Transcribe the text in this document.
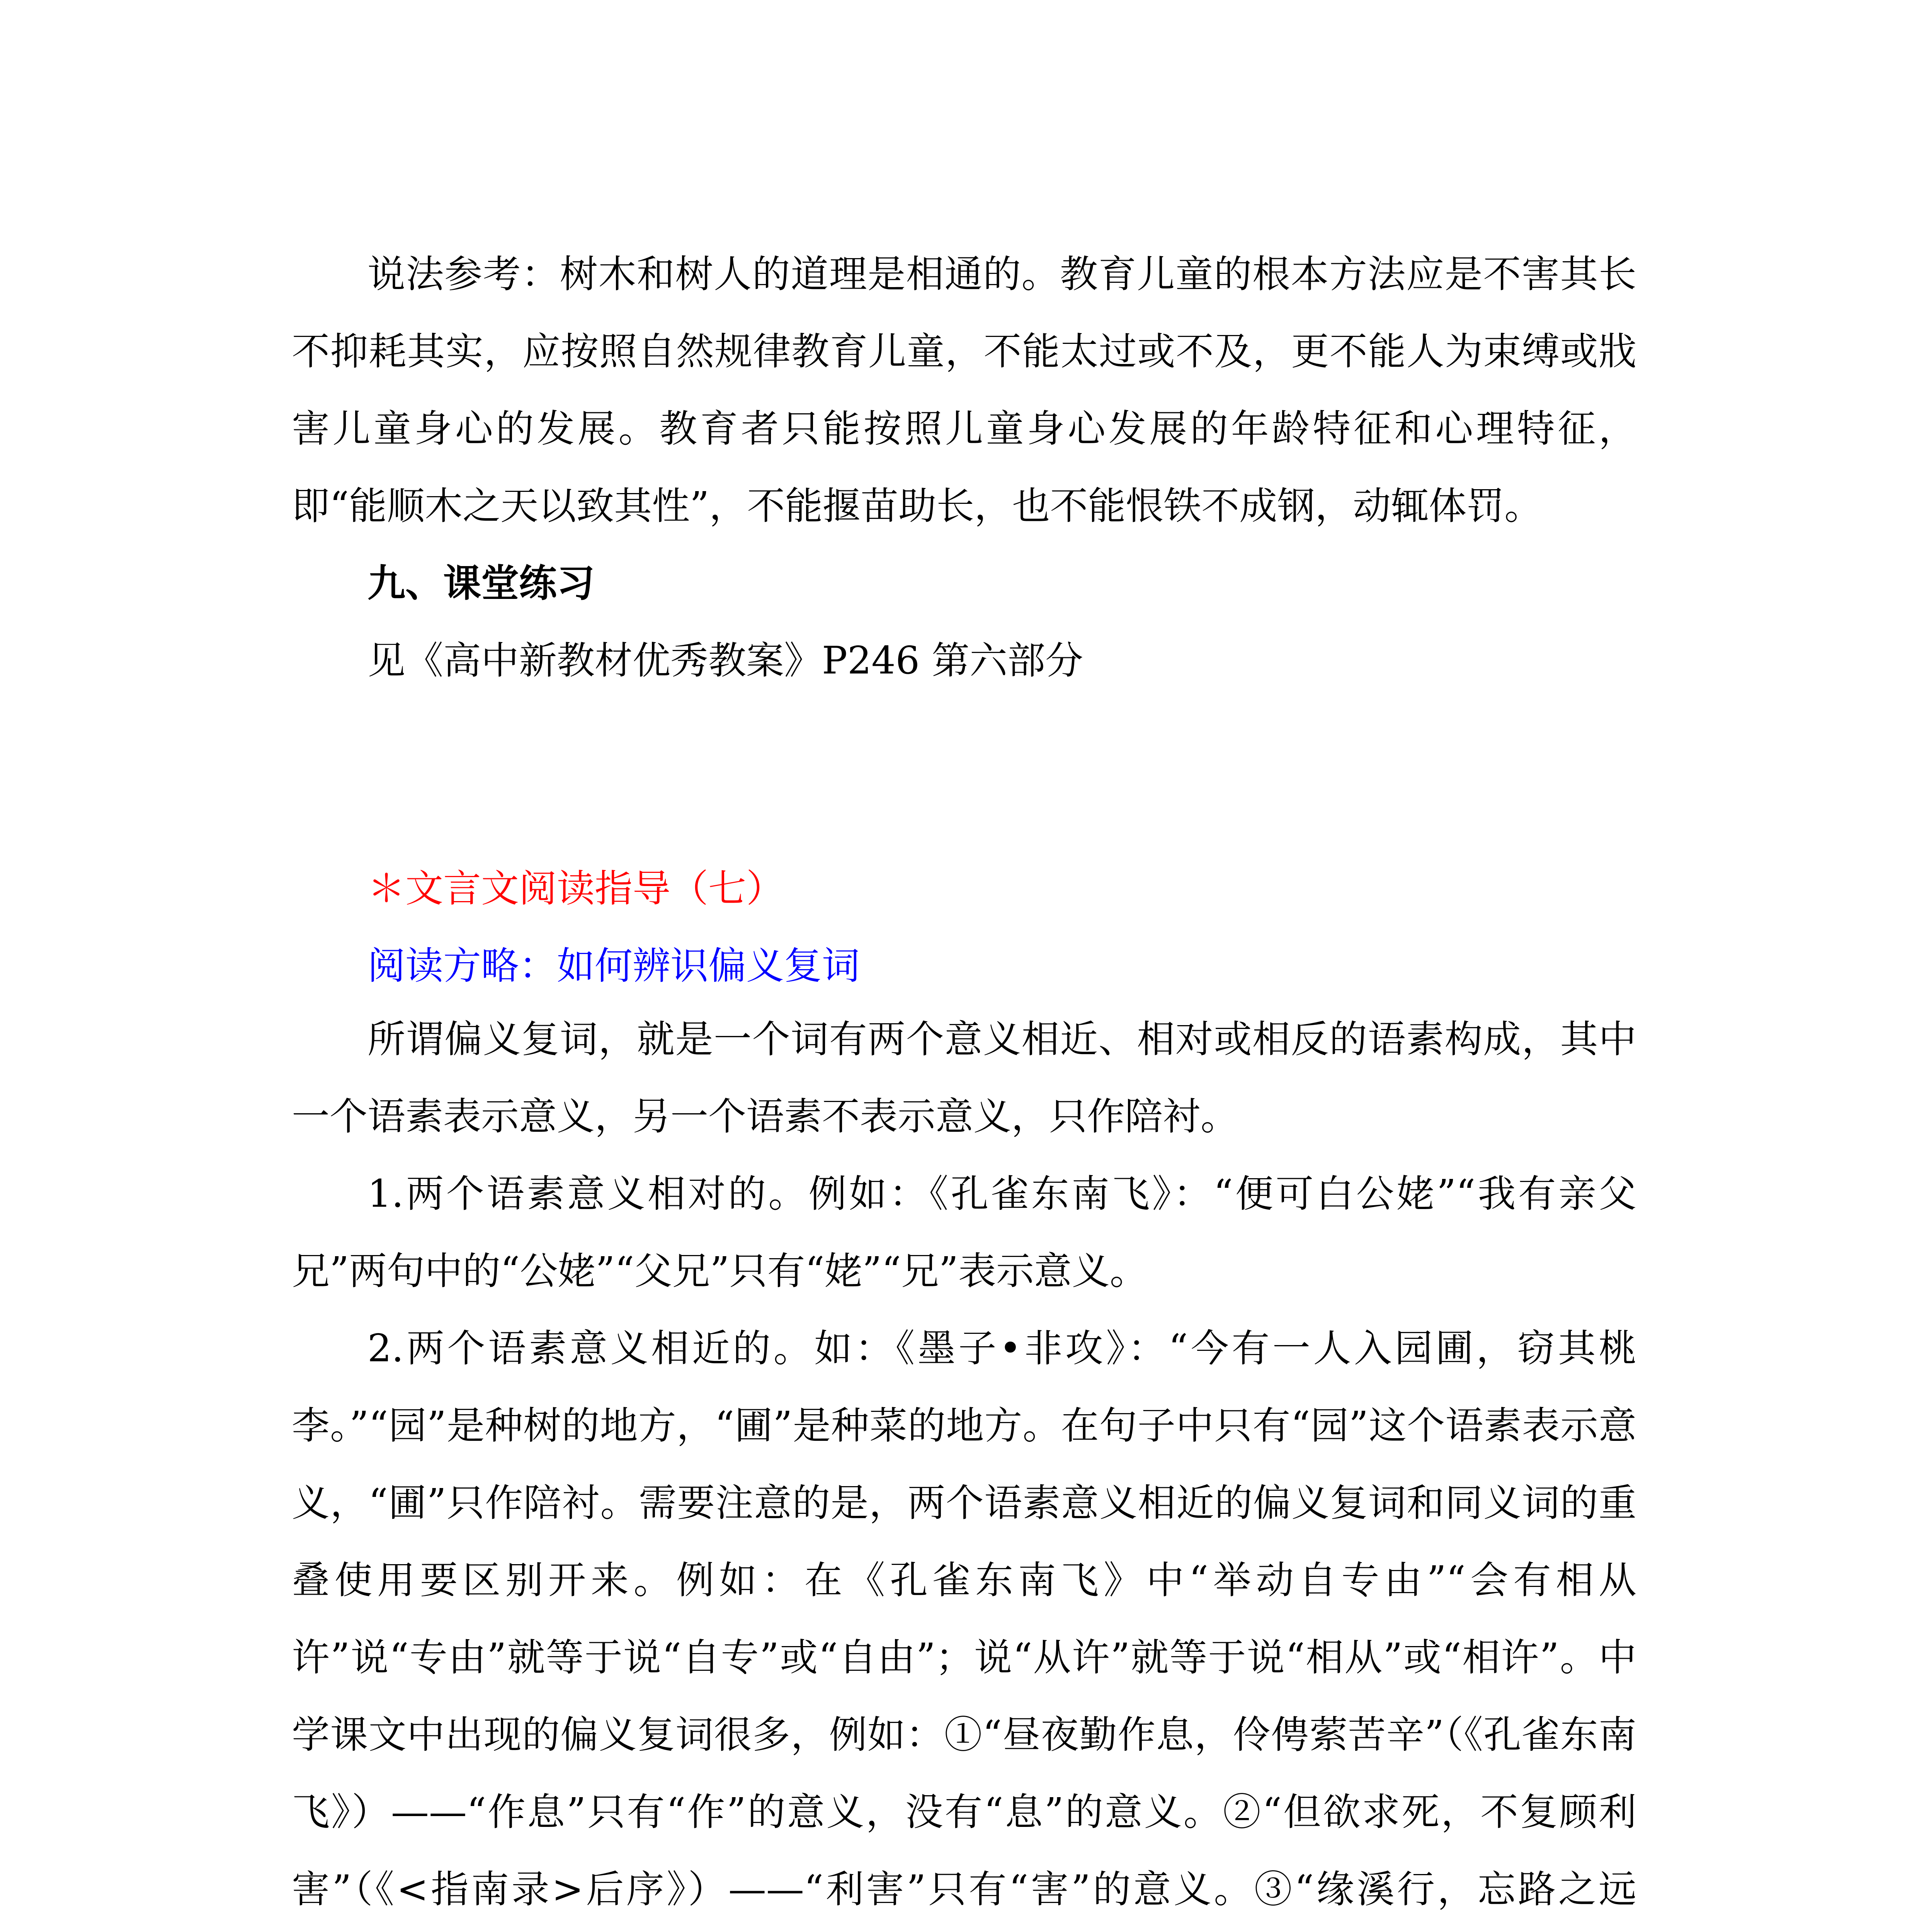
说法参考：树木和树人的道理是相通的。教育儿童的根本方法应是不害其长不抑耗其实，应按照自然规律教育儿童，不能太过或不及，更不能人为束缚或戕害儿童身心的发展。教育者只能按照儿童身心发展的年龄特征和心理特征，即“能顺木之天以致其性”，不能揠苗助长，也不能恨铁不成钢，动辄体罚。

九、课堂练习

见《高中新教材优秀教案》P246 第六部分

＊文言文阅读指导（七）

阅读方略：如何辨识偏义复词

所谓偏义复词，就是一个词有两个意义相近、相对或相反的语素构成，其中一个语素表示意义，另一个语素不表示意义，只作陪衬。

1.两个语素意义相对的。例如：《孔雀东南飞》：“便可白公姥”“我有亲父兄”两句中的“公姥”“父兄”只有“姥”“兄”表示意义。

2.两个语素意义相近的。如：《墨子•非攻》：“今有一人入园圃，窃其桃李。”“园”是种树的地方，“圃”是种菜的地方。在句子中只有“园”这个语素表示意义，“圃”只作陪衬。需要注意的是，两个语素意义相近的偏义复词和同义词的重叠使用要区别开来。例如：在《孔雀东南飞》中“举动自专由”“会有相从许”说“专由”就等于说“自专”或“自由”；说“从许”就等于说“相从”或“相许”。中学课文中出现的偏义复词很多，例如：①“昼夜勤作息，伶俜萦苦辛”（《孔雀东南飞》）——“作息”只有“作”的意义，没有“息”的意义。②“但欲求死，不复顾利害”（《<指南录>后序》）——“利害”只有“害”的意义。③“缘溪行，忘路之远
